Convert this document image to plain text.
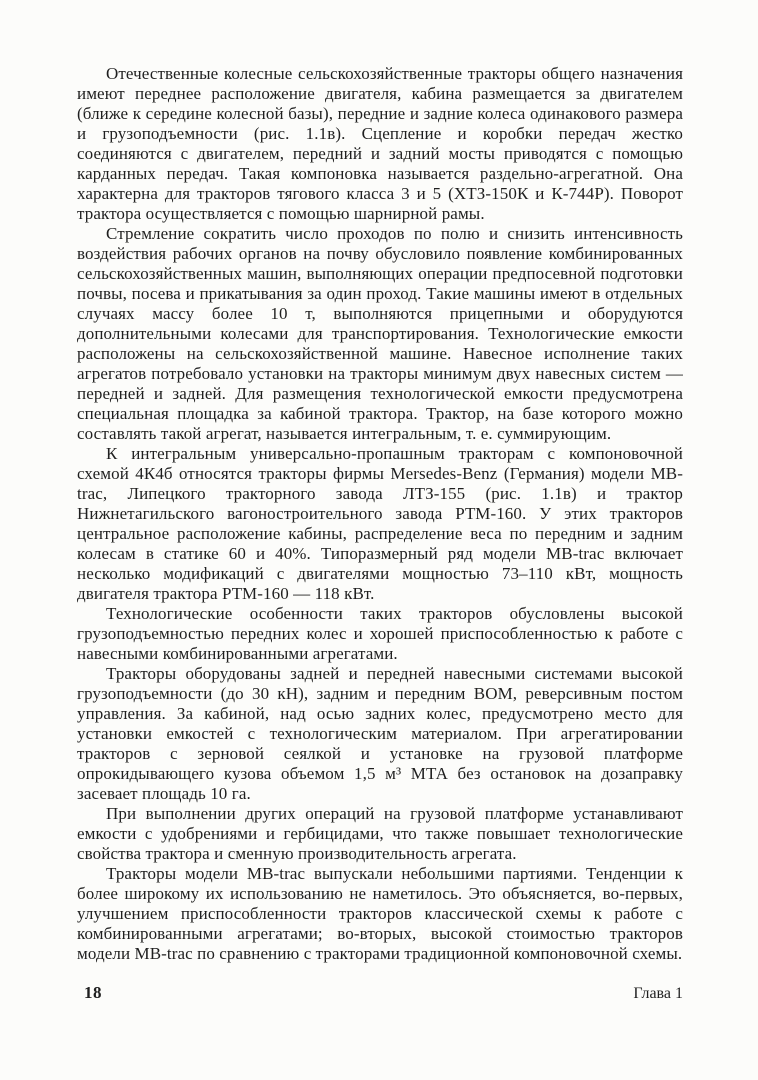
Отечественные колесные сельскохозяйственные тракторы общего назначения имеют переднее расположение двигателя, кабина размещается за двигателем (ближе к середине колесной базы), передние и задние колеса одинакового размера и грузоподъемности (рис. 1.1в). Сцепление и коробки передач жестко соединяются с двигателем, передний и задний мосты приводятся с помощью карданных передач. Такая компоновка называется раздельно-агрегатной. Она характерна для тракторов тягового класса 3 и 5 (ХТЗ-150К и К-744Р). Поворот трактора осуществляется с помощью шарнирной рамы.

Стремление сократить число проходов по полю и снизить интенсивность воздействия рабочих органов на почву обусловило появление комбинированных сельскохозяйственных машин, выполняющих операции предпосевной подготовки почвы, посева и прикатывания за один проход. Такие машины имеют в отдельных случаях массу более 10 т, выполняются прицепными и оборудуются дополнительными колесами для транспортирования. Технологические емкости расположены на сельскохозяйственной машине. Навесное исполнение таких агрегатов потребовало установки на тракторы минимум двух навесных систем — передней и задней. Для размещения технологической емкости предусмотрена специальная площадка за кабиной трактора. Трактор, на базе которого можно составлять такой агрегат, называется интегральным, т. е. суммирующим.

К интегральным универсально-пропашным тракторам с компоновочной схемой 4К4б относятся тракторы фирмы Mersedes-Benz (Германия) модели MB-trac, Липецкого тракторного завода ЛТЗ-155 (рис. 1.1в) и трактор Нижнетагильского вагоностроительного завода РТМ-160. У этих тракторов центральное расположение кабины, распределение веса по передним и задним колесам в статике 60 и 40%. Типоразмерный ряд модели MB-trac включает несколько модификаций с двигателями мощностью 73–110 кВт, мощность двигателя трактора РТМ-160 — 118 кВт.

Технологические особенности таких тракторов обусловлены высокой грузоподъемностью передних колес и хорошей приспособленностью к работе с навесными комбинированными агрегатами.

Тракторы оборудованы задней и передней навесными системами высокой грузоподъемности (до 30 кН), задним и передним ВОМ, реверсивным постом управления. За кабиной, над осью задних колес, предусмотрено место для установки емкостей с технологическим материалом. При агрегатировании тракторов с зерновой сеялкой и установке на грузовой платформе опрокидывающего кузова объемом 1,5 м³ МТА без остановок на дозаправку засевает площадь 10 га.

При выполнении других операций на грузовой платформе устанавливают емкости с удобрениями и гербицидами, что также повышает технологические свойства трактора и сменную производительность агрегата.

Тракторы модели MB-trac выпускали небольшими партиями. Тенденции к более широкому их использованию не наметилось. Это объясняется, во-первых, улучшением приспособленности тракторов классической схемы к работе с комбинированными агрегатами; во-вторых, высокой стоимостью тракторов модели MB-trac по сравнению с тракторами традиционной компоновочной схемы.

18	Глава 1
